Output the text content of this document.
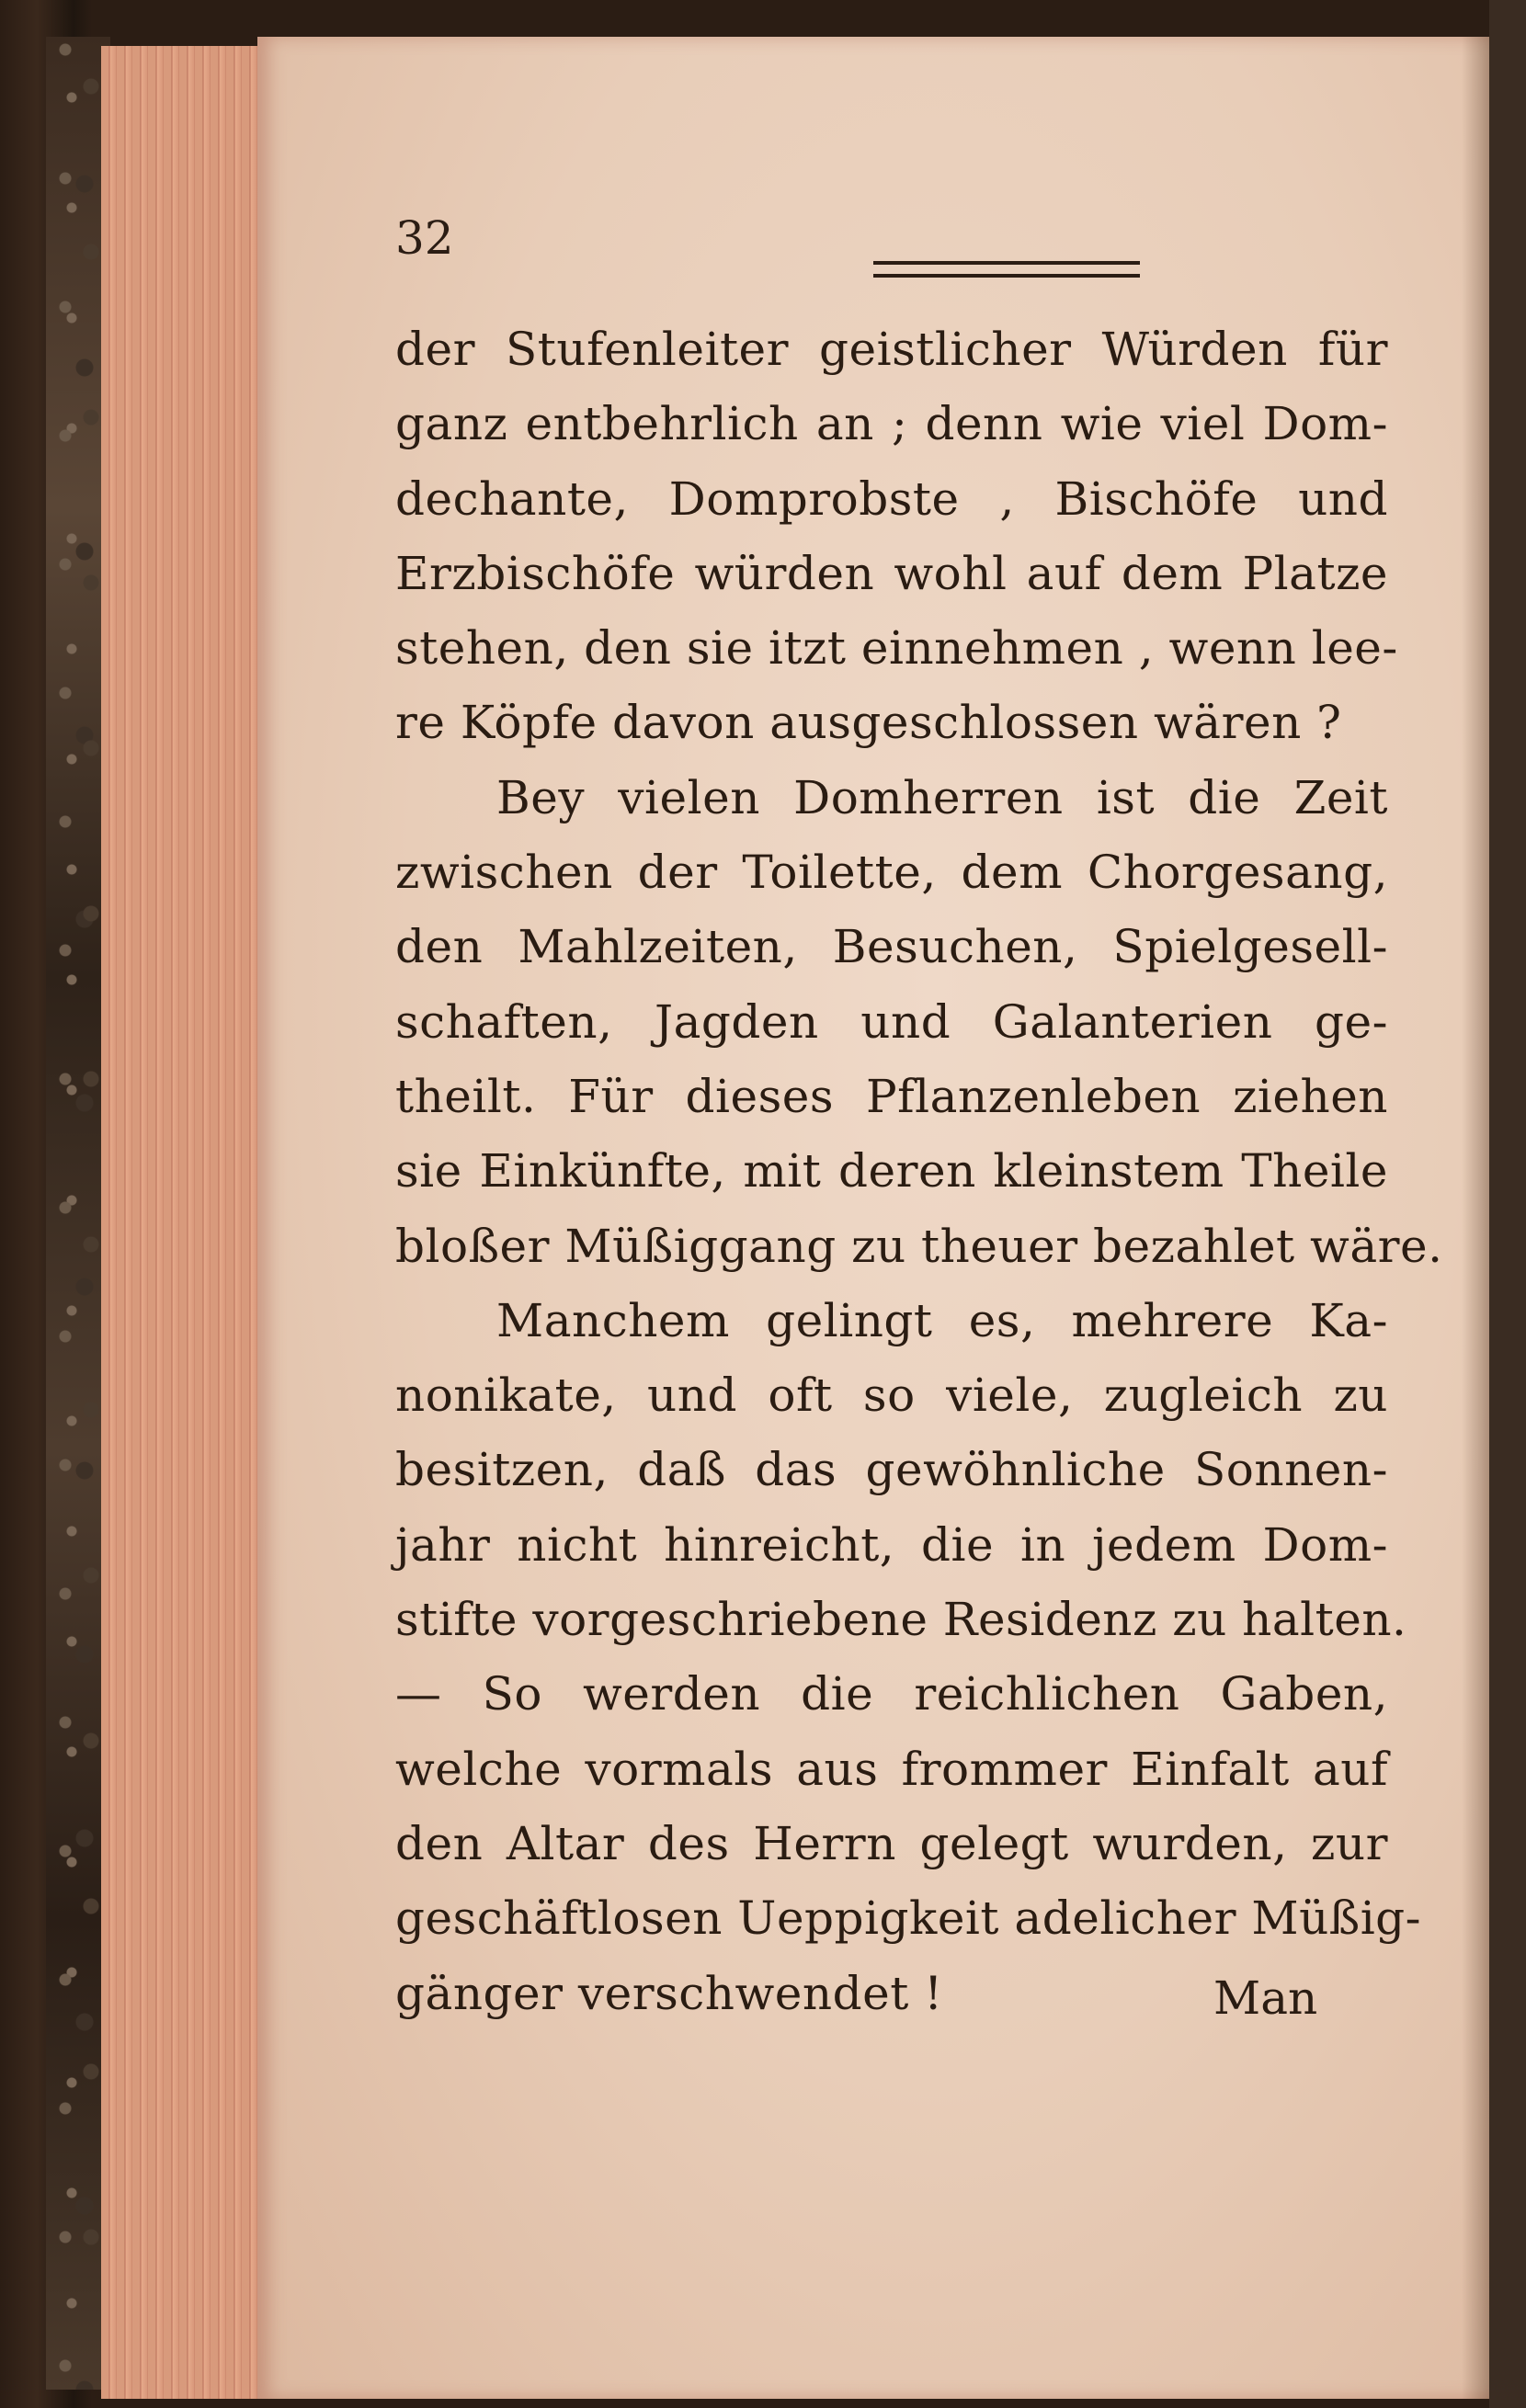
32
der Stufenleiter geistlicher Würden für
ganz entbehrlich an ; denn wie viel Dom-
dechante, Domprobste , Bischöfe und
Erzbischöfe würden wohl auf dem Platze
stehen, den sie itzt einnehmen , wenn lee-
re Köpfe davon ausgeschlossen wären ?
Bey vielen Domherren ist die Zeit
zwischen der Toilette, dem Chorgesang,
den Mahlzeiten, Besuchen, Spielgesell-
schaften, Jagden und Galanterien ge-
theilt. Für dieses Pflanzenleben ziehen
sie Einkünfte, mit deren kleinstem Theile
bloßer Müßiggang zu theuer bezahlet wäre.
Manchem gelingt es, mehrere Ka-
nonikate, und oft so viele, zugleich zu
besitzen, daß das gewöhnliche Sonnen-
jahr nicht hinreicht, die in jedem Dom-
stifte vorgeschriebene Residenz zu halten.
— So werden die reichlichen Gaben,
welche vormals aus frommer Einfalt auf
den Altar des Herrn gelegt wurden, zur
geschäftlosen Ueppigkeit adelicher Müßig-
gänger verschwendet !	Man
